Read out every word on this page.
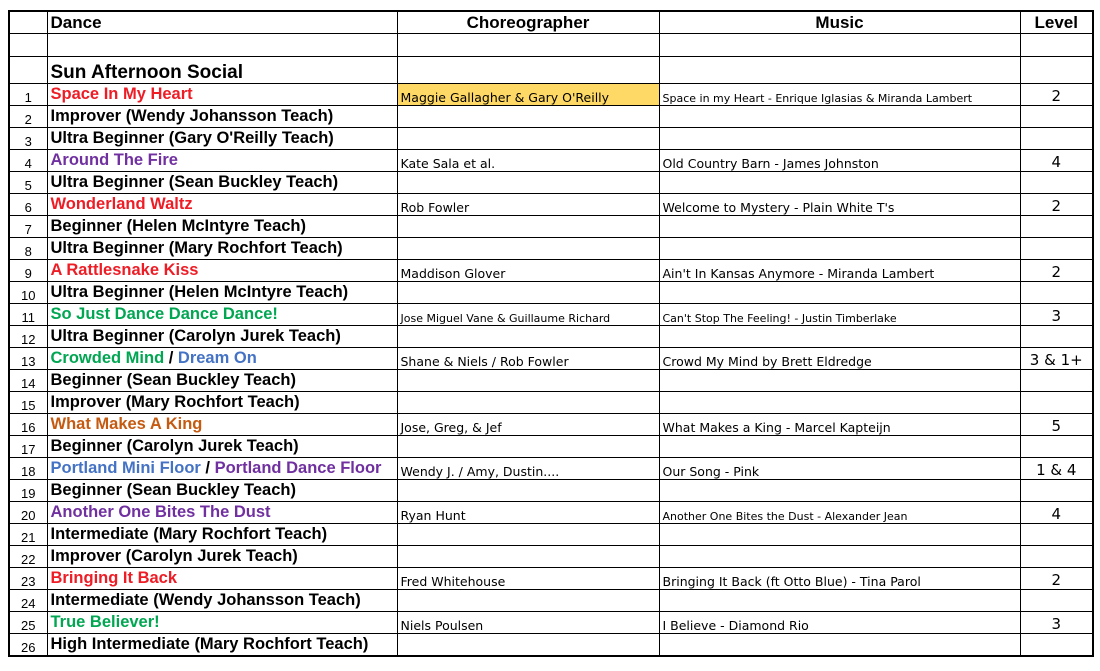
	Dance	Choreographer	Music	Level

	Sun Afternoon Social			
1	Space In My Heart	Maggie Gallagher & Gary O'Reilly	Space in my Heart - Enrique Iglasias & Miranda Lambert	2
2	Improver (Wendy Johansson Teach)			
3	Ultra Beginner (Gary O'Reilly Teach)			
4	Around The Fire	Kate Sala et al.	Old Country Barn - James Johnston	4
5	Ultra Beginner (Sean Buckley Teach)			
6	Wonderland Waltz	Rob Fowler	Welcome to Mystery - Plain White T's	2
7	Beginner (Helen McIntyre Teach)			
8	Ultra Beginner (Mary Rochfort Teach)			
9	A Rattlesnake Kiss	Maddison Glover	Ain't In Kansas Anymore - Miranda Lambert	2
10	Ultra Beginner (Helen McIntyre Teach)			
11	So Just Dance Dance Dance!	Jose Miguel Vane & Guillaume Richard	Can't Stop The Feeling! - Justin Timberlake	3
12	Ultra Beginner (Carolyn Jurek Teach)			
13	Crowded Mind / Dream On	Shane & Niels / Rob Fowler	Crowd My Mind by Brett Eldredge	3 & 1+
14	Beginner (Sean Buckley Teach)			
15	Improver (Mary Rochfort Teach)			
16	What Makes A King	Jose, Greg, & Jef	What Makes a King - Marcel Kapteijn	5
17	Beginner (Carolyn Jurek Teach)			
18	Portland Mini Floor / Portland Dance Floor	Wendy J. / Amy, Dustin....	Our Song - Pink	1 & 4
19	Beginner (Sean Buckley Teach)			
20	Another One Bites The Dust	Ryan Hunt	Another One Bites the Dust - Alexander Jean	4
21	Intermediate (Mary Rochfort Teach)			
22	Improver (Carolyn Jurek Teach)			
23	Bringing It Back	Fred Whitehouse	Bringing It Back (ft Otto Blue) - Tina Parol	2
24	Intermediate (Wendy Johansson Teach)			
25	True Believer!	Niels Poulsen	I Believe - Diamond Rio	3
26	High Intermediate (Mary Rochfort Teach)			
